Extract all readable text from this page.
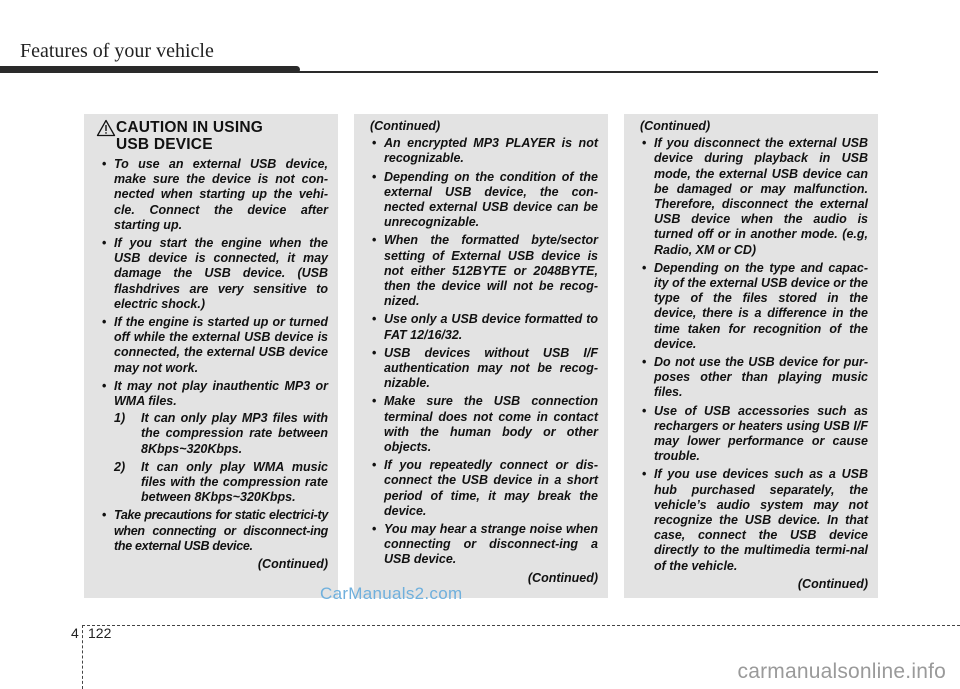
Features of your vehicle
CAUTION IN USING
USB DEVICE
• To use an external USB device, make sure the device is not con-nected when starting up the vehi-cle. Connect the device after starting up.
• If you start the engine when the USB device is connected, it may damage the USB device. (USB flashdrives are very sensitive to electric shock.)
• If the engine is started up or turned off while the external USB device is connected, the external USB device may not work.
• It may not play inauthentic MP3 or WMA files.
1) It can only play MP3 files with the compression rate between 8Kbps~320Kbps.
2) It can only play WMA music files with the compression rate between 8Kbps~320Kbps.
• Take precautions for static electrici-ty when connecting or disconnect-ing the external USB device.
(Continued)
(Continued)
• An encrypted MP3 PLAYER is not recognizable.
• Depending on the condition of the external USB device, the con-nected external USB device can be unrecognizable.
• When the formatted byte/sector setting of External USB device is not either 512BYTE or 2048BYTE, then the device will not be recog-nized.
• Use only a USB device formatted to FAT 12/16/32.
• USB devices without USB I/F authentication may not be recog-nizable.
• Make sure the USB connection terminal does not come in contact with the human body or other objects.
• If you repeatedly connect or dis-connect the USB device in a short period of time, it may break the device.
• You may hear a strange noise when connecting or disconnect-ing a USB device.
(Continued)
(Continued)
• If you disconnect the external USB device during playback in USB mode, the external USB device can be damaged or may malfunction. Therefore, disconnect the external USB device when the audio is turned off or in another mode. (e.g, Radio, XM or CD)
• Depending on the type and capac-ity of the external USB device or the type of the files stored in the device, there is a difference in the time taken for recognition of the device.
• Do not use the USB device for pur-poses other than playing music files.
• Use of USB accessories such as rechargers or heaters using USB I/F may lower performance or cause trouble.
• If you use devices such as a USB hub purchased separately, the vehicle’s audio system may not recognize the USB device. In that case, connect the USB device directly to the multimedia termi-nal of the vehicle.
(Continued)
CarManuals2.com
4 122
carmanualsonline.info
